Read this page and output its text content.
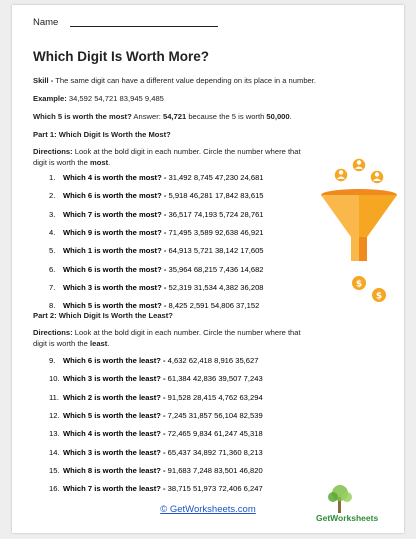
Name
Which Digit Is Worth More?
Skill - The same digit can have a different value depending on its place in a number.
Example: 34,592 54,721 83,945 9,485
Which 5 is worth the most? Answer: 54,721 because the 5 is worth 50,000.
Part 1: Which Digit Is Worth the Most?
Directions: Look at the bold digit in each number. Circle the number where that
digit is worth the most.
1. Which 4 is worth the most? - 31,492 8,745 47,230 24,681
2. Which 6 is worth the most? - 5,918 46,281 17,842 83,615
3. Which 7 is worth the most? - 36,517 74,193 5,724 28,761
4. Which 9 is worth the most? - 71,495 3,589 92,638 46,921
5. Which 1 is worth the most? - 64,913 5,721 38,142 17,605
6. Which 6 is worth the most? - 35,964 68,215 7,436 14,682
7. Which 3 is worth the most? - 52,319 31,534 4,382 36,208
8. Which 5 is worth the most? - 8,425 2,591 54,806 37,152
Part 2: Which Digit Is Worth the Least?
Directions: Look at the bold digit in each number. Circle the number where that
digit is worth the least.
9. Which 6 is worth the least? - 4,632 62,418 8,916 35,627
10. Which 3 is worth the least? - 61,384 42,836 39,507 7,243
11. Which 2 is worth the least? - 91,528 28,415 4,762 63,294
12. Which 5 is worth the least? - 7,245 31,857 56,104 82,539
13. Which 4 is worth the least? - 72,465 9,834 61,247 45,318
14. Which 3 is worth the least? - 65,437 34,892 71,360 8,213
15. Which 8 is worth the least? - 91,683 7,248 83,501 46,820
16. Which 7 is worth the least? - 38,715 51,973 72,406 6,247
$
$
© GetWorksheets.com
GetWorksheets
